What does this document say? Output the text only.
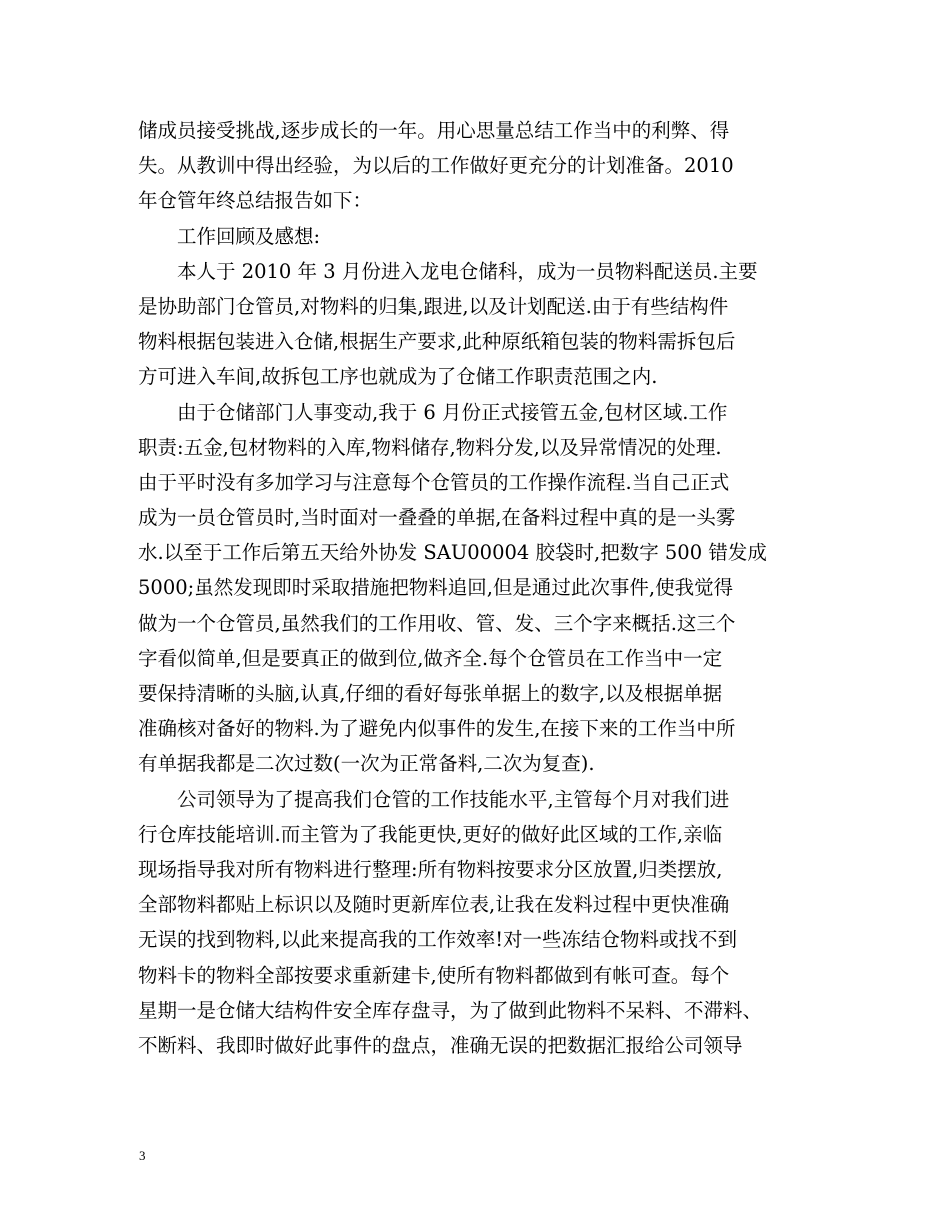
储成员接受挑战,逐步成长的一年。用心思量总结工作当中的利弊、得
失。从教训中得出经验，为以后的工作做好更充分的计划准备。2010
年仓管年终总结报告如下：
　　工作回顾及感想:
　　本人于 2010 年 3 月份进入龙电仓储科，成为一员物料配送员.主要
是协助部门仓管员,对物料的归集,跟进,以及计划配送.由于有些结构件
物料根据包装进入仓储,根据生产要求,此种原纸箱包装的物料需拆包后
方可进入车间,故拆包工序也就成为了仓储工作职责范围之内.
　　由于仓储部门人事变动,我于 6 月份正式接管五金,包材区域.工作
职责:五金,包材物料的入库,物料储存,物料分发,以及异常情况的处理.
由于平时没有多加学习与注意每个仓管员的工作操作流程.当自己正式
成为一员仓管员时,当时面对一叠叠的单据,在备料过程中真的是一头雾
水.以至于工作后第五天给外协发 SAU00004 胶袋时,把数字 500 错发成
5000;虽然发现即时采取措施把物料追回,但是通过此次事件,使我觉得
做为一个仓管员,虽然我们的工作用收、管、发、三个字来概括.这三个
字看似简单,但是要真正的做到位,做齐全.每个仓管员在工作当中一定
要保持清晰的头脑,认真,仔细的看好每张单据上的数字,以及根据单据
准确核对备好的物料.为了避免内似事件的发生,在接下来的工作当中所
有单据我都是二次过数(一次为正常备料,二次为复查).
　　公司领导为了提高我们仓管的工作技能水平,主管每个月对我们进
行仓库技能培训.而主管为了我能更快,更好的做好此区域的工作,亲临
现场指导我对所有物料进行整理:所有物料按要求分区放置,归类摆放,
全部物料都贴上标识以及随时更新库位表,让我在发料过程中更快准确
无误的找到物料,以此来提高我的工作效率!对一些冻结仓物料或找不到
物料卡的物料全部按要求重新建卡,使所有物料都做到有帐可查。每个
星期一是仓储大结构件安全库存盘寻，为了做到此物料不呆料、不滞料、
不断料、我即时做好此事件的盘点，准确无误的把数据汇报给公司领导
3
